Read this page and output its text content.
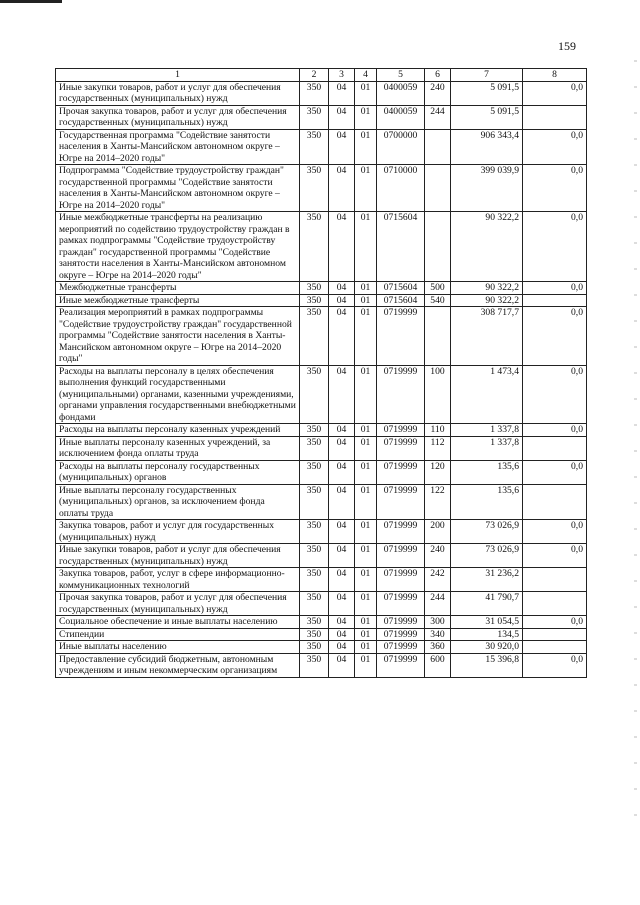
159
1	2	3	4	5	6	7	8
Иные закупки товаров, работ и услуг для обеспечения государственных (муниципальных) нужд	350	04	01	0400059	240	5 091,5	0,0
Прочая закупка товаров, работ и услуг для обеспечения государственных (муниципальных) нужд	350	04	01	0400059	244	5 091,5	
Государственная программа "Содействие занятости населения в Ханты-Мансийском автономном округе – Югре на 2014–2020 годы"	350	04	01	0700000		906 343,4	0,0
Подпрограмма "Содействие трудоустройству граждан" государственной программы "Содействие занятости населения в Ханты-Мансийском автономном округе – Югре на 2014–2020 годы"	350	04	01	0710000		399 039,9	0,0
Иные межбюджетные трансферты на реализацию мероприятий по содействию трудоустройству граждан в рамках подпрограммы "Содействие трудоустройству граждан" государственной программы "Содействие занятости населения в Ханты-Мансийском автономном округе – Югре на 2014–2020 годы"	350	04	01	0715604		90 322,2	0,0
Межбюджетные трансферты	350	04	01	0715604	500	90 322,2	0,0
Иные межбюджетные трансферты	350	04	01	0715604	540	90 322,2	
Реализация мероприятий в рамках подпрограммы "Содействие трудоустройству граждан" государственной программы "Содействие занятости населения в Ханты-Мансийском автономном округе – Югре на 2014–2020 годы"	350	04	01	0719999		308 717,7	0,0
Расходы на выплаты персоналу в целях обеспечения выполнения функций государственными (муниципальными) органами, казенными учреждениями, органами управления государственными внебюджетными фондами	350	04	01	0719999	100	1 473,4	0,0
Расходы на выплаты персоналу казенных учреждений	350	04	01	0719999	110	1 337,8	0,0
Иные выплаты персоналу казенных учреждений, за исключением фонда оплаты труда	350	04	01	0719999	112	1 337,8	
Расходы на выплаты персоналу государственных (муниципальных) органов	350	04	01	0719999	120	135,6	0,0
Иные выплаты персоналу государственных (муниципальных) органов, за исключением фонда оплаты труда	350	04	01	0719999	122	135,6	
Закупка товаров, работ и услуг для государственных (муниципальных) нужд	350	04	01	0719999	200	73 026,9	0,0
Иные закупки товаров, работ и услуг для обеспечения государственных (муниципальных) нужд	350	04	01	0719999	240	73 026,9	0,0
Закупка товаров, работ, услуг в сфере информационно-коммуникационных технологий	350	04	01	0719999	242	31 236,2	
Прочая закупка товаров, работ и услуг для обеспечения государственных (муниципальных) нужд	350	04	01	0719999	244	41 790,7	
Социальное обеспечение и иные выплаты населению	350	04	01	0719999	300	31 054,5	0,0
Стипендии	350	04	01	0719999	340	134,5	
Иные выплаты населению	350	04	01	0719999	360	30 920,0	
Предоставление субсидий бюджетным, автономным учреждениям и иным некоммерческим организациям	350	04	01	0719999	600	15 396,8	0,0
